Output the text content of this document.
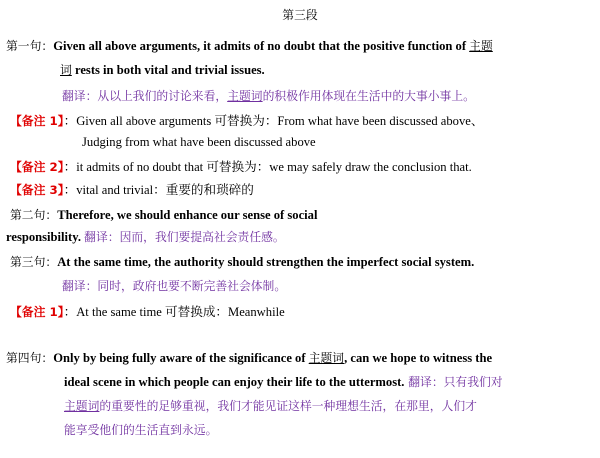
第三段
第一句：Given all above arguments, it admits of no doubt that the positive function of 主题
词 rests in both vital and trivial issues.
翻译：从以上我们的讨论来看，主题词的积极作用体现在生活中的大事小事上。
【备注 1】：Given all above arguments 可替换为：From what have been discussed above、
Judging from what have been discussed above
【备注 2】：it admits of no doubt that 可替换为：we may safely draw the conclusion that.
【备注 3】：vital and trivial：重要的和琐碎的
第二句：Therefore, we should enhance our sense of social
responsibility. 翻译：因而，我们要提高社会责任感。
第三句：At the same time, the authority should strengthen the imperfect social system.
翻译：同时，政府也要不断完善社会体制。
【备注 1】：At the same time 可替换成：Meanwhile
第四句：Only by being fully aware of the significance of 主题词, can we hope to witness the
ideal scene in which people can enjoy their life to the uttermost. 翻译：只有我们对
主题词的重要性的足够重视，我们才能见证这样一种理想生活，在那里，人们才
能享受他们的生活直到永远。
